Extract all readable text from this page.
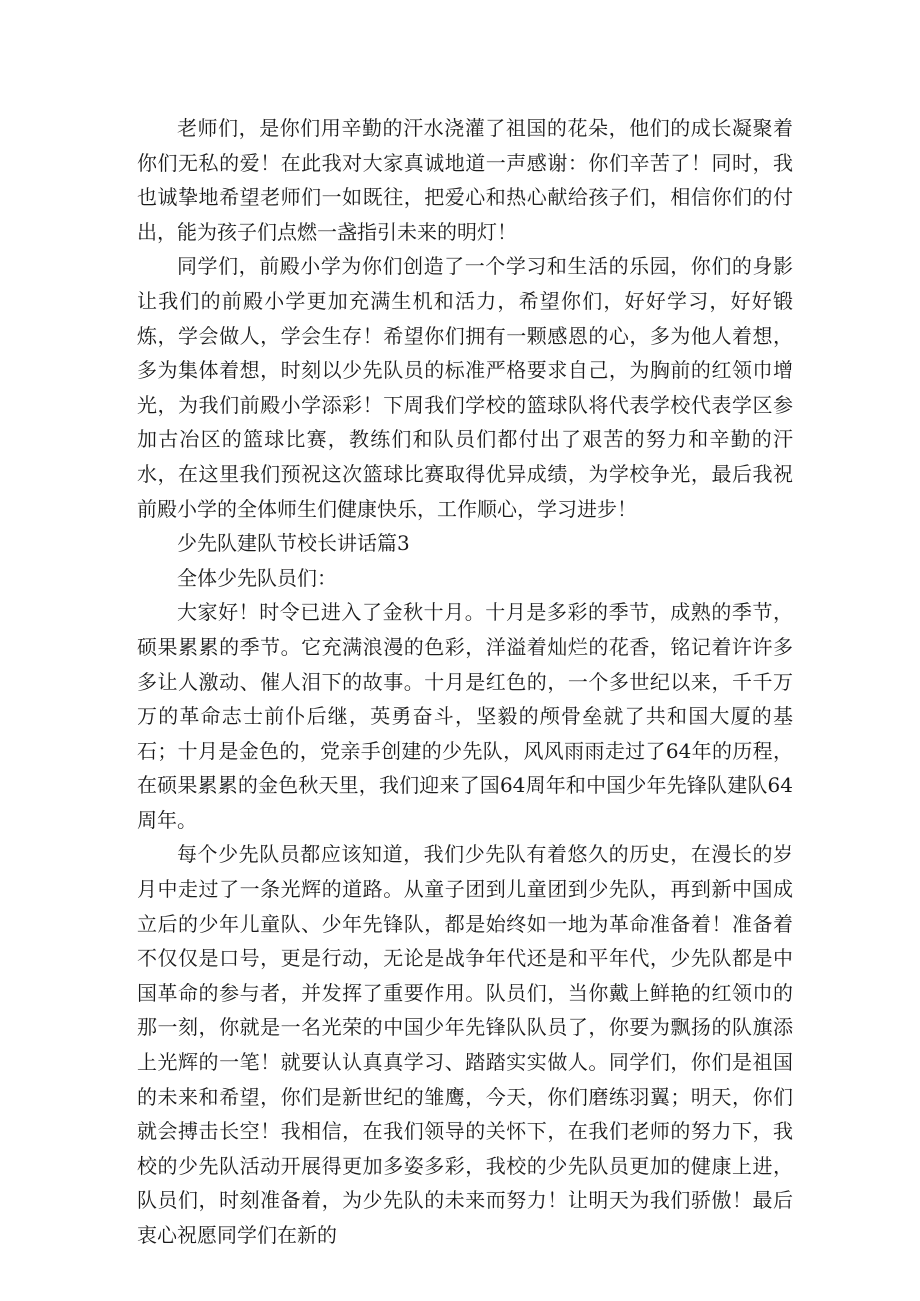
老师们，是你们用辛勤的汗水浇灌了祖国的花朵，他们的成长凝聚着你们无私的爱！在此我对大家真诚地道一声感谢：你们辛苦了！同时，我也诚挚地希望老师们一如既往，把爱心和热心献给孩子们，相信你们的付出，能为孩子们点燃一盏指引未来的明灯！

同学们，前殿小学为你们创造了一个学习和生活的乐园，你们的身影让我们的前殿小学更加充满生机和活力，希望你们，好好学习，好好锻炼，学会做人，学会生存！希望你们拥有一颗感恩的心，多为他人着想，多为集体着想，时刻以少先队员的标准严格要求自己，为胸前的红领巾增光，为我们前殿小学添彩！下周我们学校的篮球队将代表学校代表学区参加古冶区的篮球比赛，教练们和队员们都付出了艰苦的努力和辛勤的汗水，在这里我们预祝这次篮球比赛取得优异成绩，为学校争光，最后我祝前殿小学的全体师生们健康快乐，工作顺心，学习进步！

少先队建队节校长讲话篇3

全体少先队员们：

大家好！时令已进入了金秋十月。十月是多彩的季节，成熟的季节，硕果累累的季节。它充满浪漫的色彩，洋溢着灿烂的花香，铭记着许许多多让人激动、催人泪下的故事。十月是红色的，一个多世纪以来，千千万万的革命志士前仆后继，英勇奋斗，坚毅的颅骨垒就了共和国大厦的基石；十月是金色的，党亲手创建的少先队，风风雨雨走过了64年的历程，在硕果累累的金色秋天里，我们迎来了国64周年和中国少年先锋队建队64周年。

每个少先队员都应该知道，我们少先队有着悠久的历史，在漫长的岁月中走过了一条光辉的道路。从童子团到儿童团到少先队，再到新中国成立后的少年儿童队、少年先锋队，都是始终如一地为革命准备着！准备着不仅仅是口号，更是行动，无论是战争年代还是和平年代，少先队都是中国革命的参与者，并发挥了重要作用。队员们，当你戴上鲜艳的红领巾的那一刻，你就是一名光荣的中国少年先锋队队员了，你要为飘扬的队旗添上光辉的一笔！就要认认真真学习、踏踏实实做人。同学们，你们是祖国的未来和希望，你们是新世纪的雏鹰，今天，你们磨练羽翼；明天，你们就会搏击长空！我相信，在我们领导的关怀下，在我们老师的努力下，我校的少先队活动开展得更加多姿多彩，我校的少先队员更加的健康上进，队员们，时刻准备着，为少先队的未来而努力！让明天为我们骄傲！最后衷心祝愿同学们在新的
